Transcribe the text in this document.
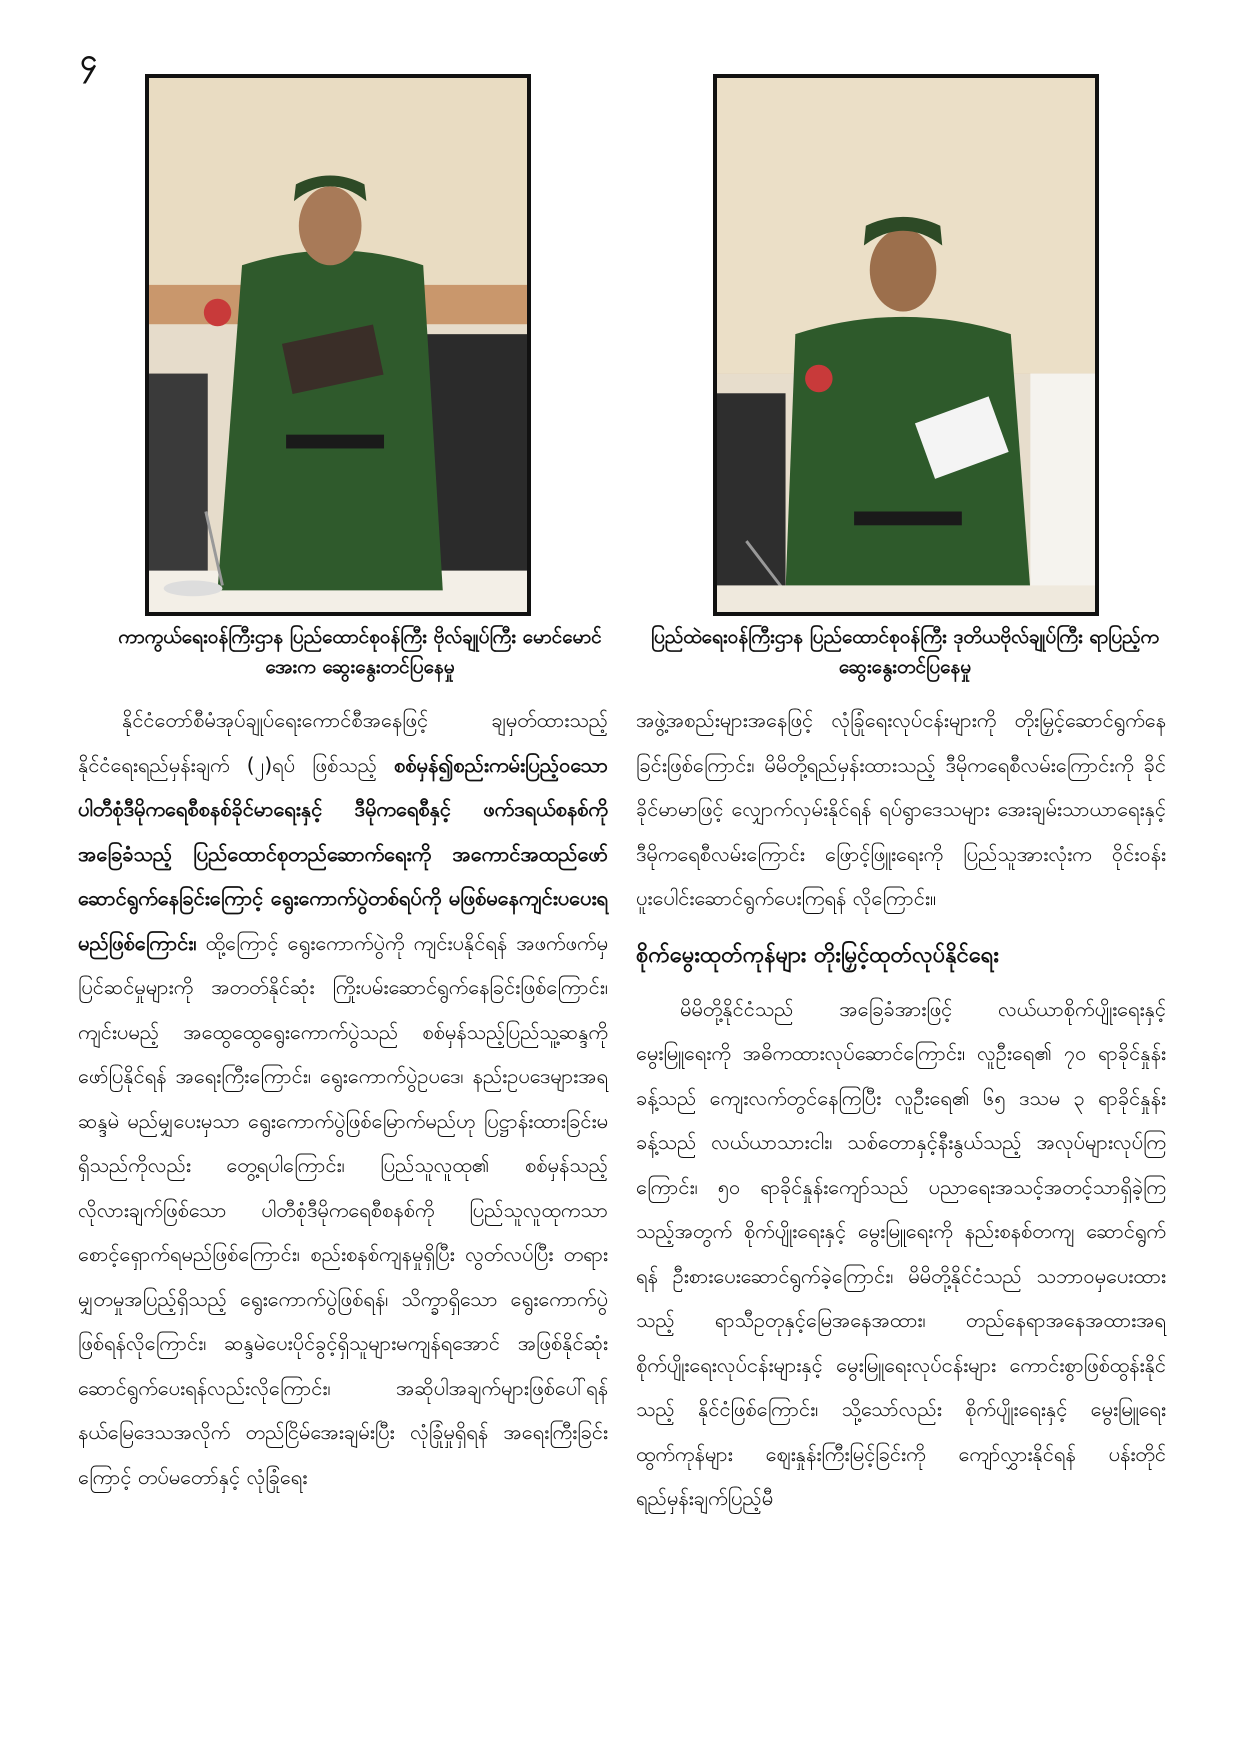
၄
ကာကွယ်ရေးဝန်ကြီးဌာန ပြည်ထောင်စုဝန်ကြီး ဗိုလ်ချုပ်ကြီး မောင်မောင်အေးက ဆွေးနွေးတင်ပြနေမှု
ပြည်ထဲရေးဝန်ကြီးဌာန ပြည်ထောင်စုဝန်ကြီး ဒုတိယဗိုလ်ချုပ်ကြီး ရာပြည့်က ဆွေးနွေးတင်ပြနေမှု

နိုင်ငံတော်စီမံအုပ်ချုပ်ရေးကောင်စီအနေဖြင့် ချမှတ်ထားသည့် နိုင်ငံရေးရည်မှန်းချက် (၂)ရပ် ဖြစ်သည့် စစ်မှန်၍စည်းကမ်းပြည့်ဝသော ပါတီစုံဒီမိုကရေစီစနစ်ခိုင်မာရေးနှင့် ဒီမိုကရေစီနှင့် ဖက်ဒရယ်စနစ်ကိုအခြေခံသည့် ပြည်ထောင်စုတည်ဆောက်ရေးကို အကောင်အထည်ဖော် ဆောင်ရွက်နေခြင်းကြောင့် ရွေးကောက်ပွဲတစ်ရပ်ကို မဖြစ်မနေကျင်းပပေးရမည်ဖြစ်ကြောင်း၊ ထို့ကြောင့် ရွေးကောက်ပွဲကို ကျင်းပနိုင်ရန် အဖက်ဖက်မှ ပြင်ဆင်မှုများကို အတတ်နိုင်ဆုံး ကြိုးပမ်းဆောင်ရွက်နေခြင်းဖြစ်ကြောင်း၊ ကျင်းပမည့် အထွေထွေရွေးကောက်ပွဲသည် စစ်မှန်သည့်ပြည်သူ့ဆန္ဒကို ဖော်ပြနိုင်ရန် အရေးကြီးကြောင်း၊ ရွေးကောက်ပွဲဥပဒေ၊ နည်းဥပဒေများအရ ဆန္ဒမဲ မည်မျှပေးမှသာ ရွေးကောက်ပွဲဖြစ်မြောက်မည်ဟု ပြဋ္ဌာန်းထားခြင်းမရှိသည်ကိုလည်း တွေ့ရပါကြောင်း၊ ပြည်သူလူထု၏ စစ်မှန်သည့် လိုလားချက်ဖြစ်သော ပါတီစုံဒီမိုကရေစီစနစ်ကို ပြည်သူလူထုကသာ စောင့်ရှောက်ရမည်ဖြစ်ကြောင်း၊ စည်းစနစ်ကျနမှုရှိပြီး လွတ်လပ်ပြီး တရားမျှတမှုအပြည့်ရှိသည့် ရွေးကောက်ပွဲဖြစ်ရန်၊ သိက္ခာရှိသော ရွေးကောက်ပွဲဖြစ်ရန်လိုကြောင်း၊ ဆန္ဒမဲပေးပိုင်ခွင့်ရှိသူများမကျန်ရအောင် အဖြစ်နိုင်ဆုံး ဆောင်ရွက်ပေးရန်လည်းလိုကြောင်း၊ အဆိုပါအချက်များဖြစ်ပေါ်ရန် နယ်မြေဒေသအလိုက် တည်ငြိမ်အေးချမ်းပြီး လုံခြုံမှုရှိရန် အရေးကြီးခြင်းကြောင့် တပ်မတော်နှင့် လုံခြုံရေး

အဖွဲ့အစည်းများအနေဖြင့် လုံခြုံရေးလုပ်ငန်းများကို တိုးမြှင့်ဆောင်ရွက်နေခြင်းဖြစ်ကြောင်း၊ မိမိတို့ရည်မှန်းထားသည့် ဒီမိုကရေစီလမ်းကြောင်းကို ခိုင်ခိုင်မာမာဖြင့် လျှောက်လှမ်းနိုင်ရန် ရပ်ရွာဒေသများ အေးချမ်းသာယာရေးနှင့် ဒီမိုကရေစီလမ်းကြောင်း ဖြောင့်ဖြူးရေးကို ပြည်သူအားလုံးက ဝိုင်းဝန်းပူးပေါင်းဆောင်ရွက်ပေးကြရန် လိုကြောင်း။

စိုက်မွေးထုတ်ကုန်များ တိုးမြှင့်ထုတ်လုပ်နိုင်ရေး

မိမိတို့နိုင်ငံသည် အခြေခံအားဖြင့် လယ်ယာစိုက်ပျိုးရေးနှင့် မွေးမြူရေးကို အဓိကထားလုပ်ဆောင်ကြောင်း၊ လူဦးရေ၏ ၇၀ ရာခိုင်နှုန်းခန့်သည် ကျေးလက်တွင်နေကြပြီး လူဦးရေ၏ ၆၅ ဒသမ ၃ ရာခိုင်နှုန်းခန့်သည် လယ်ယာသားငါး၊ သစ်တောနှင့်နီးနွယ်သည့် အလုပ်များလုပ်ကြကြောင်း၊ ၅၀ ရာခိုင်နှုန်းကျော်သည် ပညာရေးအသင့်အတင့်သာရှိခဲ့ကြသည့်အတွက် စိုက်ပျိုးရေးနှင့် မွေးမြူရေးကို နည်းစနစ်တကျ ဆောင်ရွက်ရန် ဦးစားပေးဆောင်ရွက်ခဲ့ကြောင်း၊ မိမိတို့နိုင်ငံသည် သဘာဝမှပေးထားသည့် ရာသီဥတုနှင့်မြေအနေအထား၊ တည်နေရာအနေအထားအရ စိုက်ပျိုးရေးလုပ်ငန်းများနှင့် မွေးမြူရေးလုပ်ငန်းများ ကောင်းစွာဖြစ်ထွန်းနိုင်သည့် နိုင်ငံဖြစ်ကြောင်း၊ သို့သော်လည်း စိုက်ပျိုးရေးနှင့် မွေးမြူရေးထွက်ကုန်များ ဈေးနှုန်းကြီးမြင့်ခြင်းကို ကျော်လွှားနိုင်ရန် ပန်းတိုင်ရည်မှန်းချက်ပြည့်မီ
